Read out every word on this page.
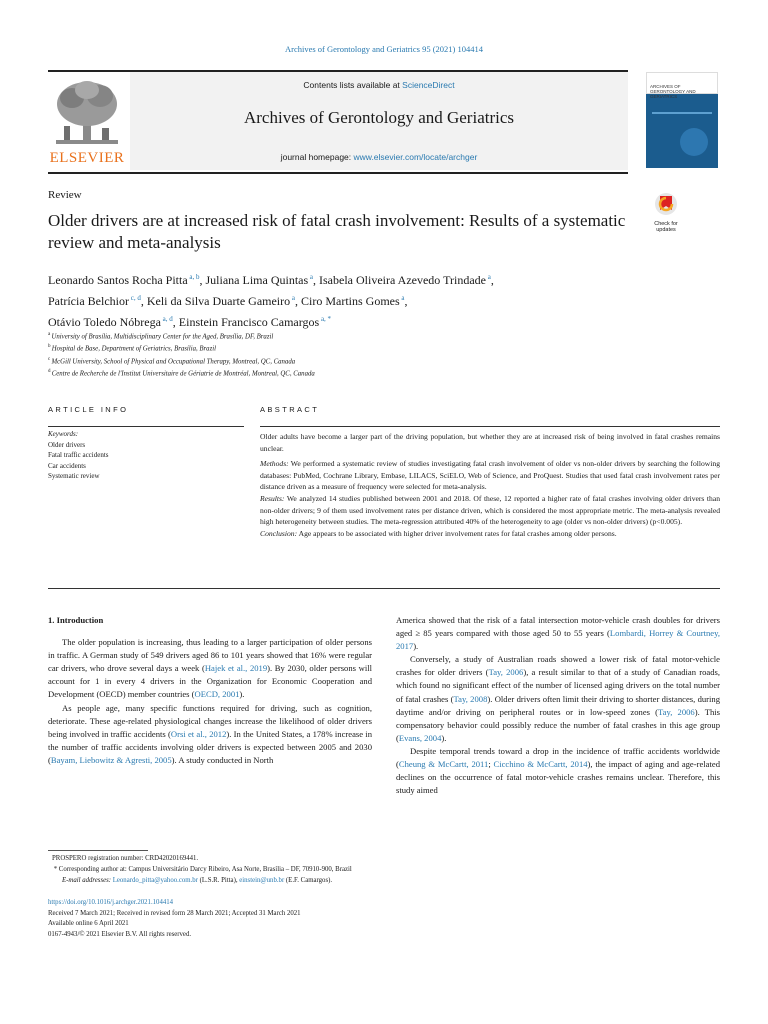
Archives of Gerontology and Geriatrics 95 (2021) 104414
ELSEVIER
Contents lists available at ScienceDirect
Archives of Gerontology and Geriatrics
journal homepage: www.elsevier.com/locate/archger
ARCHIVES OF GERONTOLOGY AND GERIATRICS
Review
Older drivers are at increased risk of fatal crash involvement: Results of a systematic review and meta-analysis
Check for updates
Leonardo Santos Rocha Pitta $^{a, b}$, Juliana Lima Quintas $^a$, Isabela Oliveira Azevedo Trindade $^a$,
Patrícia Belchior $^{c, d}$, Keli da Silva Duarte Gameiro $^a$, Ciro Martins Gomes $^a$,
Otávio Toledo Nóbrega $^{a, d}$, Einstein Francisco Camargos $^{a, *}$
$^a$ University of Brasília, Multidisciplinary Center for the Aged, Brasília, DF, Brazil
$^b$ Hospital de Base, Department of Geriatrics, Brasília, Brazil
$^c$ McGill University, School of Physical and Occupational Therapy, Montreal, QC, Canada
$^d$ Centre de Recherche de l'Institut Universitaire de Gériatrie de Montréal, Montreal, QC, Canada
ARTICLE INFO	ABSTRACT
Keywords:
Older drivers
Fatal traffic accidents
Car accidents
Systematic review
Older adults have become a larger part of the driving population, but whether they are at increased risk of being involved in fatal crashes remains unclear.
Methods: We performed a systematic review of studies investigating fatal crash involvement of older vs non-older drivers by searching the following databases: PubMed, Cochrane Library, Embase, LILACS, SciELO, Web of Science, and ProQuest. Studies that used fatal crash involvement rates per distance driven as a measure of frequency were selected for meta-analysis.
Results: We analyzed 14 studies published between 2001 and 2018. Of these, 12 reported a higher rate of fatal crashes involving older drivers than non-older drivers; 9 of them used involvement rates per distance driven, which is considered the most appropriate metric. The meta-analysis revealed high heterogeneity between studies. The meta-regression attributed 40% of the heterogeneity to age (older vs non-older drivers) (p<0.005).
Conclusion: Age appears to be associated with higher driver involvement rates for fatal crashes among older persons.
1. Introduction

The older population is increasing, thus leading to a larger participation of older persons in traffic. A German study of 549 drivers aged 86 to 101 years showed that 16% were regular car drivers, who drove several days a week (Hajek et al., 2019). By 2030, older persons will account for 1 in every 4 drivers in the Organization for Economic Cooperation and Development (OECD) member countries (OECD, 2001).

As people age, many specific functions required for driving, such as cognition, deteriorate. These age-related physiological changes increase the likelihood of older drivers being involved in traffic accidents (Orsi et al., 2012). In the United States, a 178% increase in the number of traffic accidents involving older drivers is expected between 2005 and 2030 (Bayam, Liebowitz & Agresti, 2005). A study conducted in North

America showed that the risk of a fatal intersection motor-vehicle crash doubles for drivers aged ≥ 85 years compared with those aged 50 to 55 years (Lombardi, Horrey & Courtney, 2017).

Conversely, a study of Australian roads showed a lower risk of fatal motor-vehicle crashes for older drivers (Tay, 2006), a result similar to that of a study of Canadian roads, which found no significant effect of the number of licensed aging drivers on the total number of fatal crashes (Tay, 2008). Older drivers often limit their driving to shorter distances, during daytime and/or driving on peripheral routes or in low-speed zones (Tay, 2006). This compensatory behavior could possibly reduce the number of fatal crashes in this age group (Evans, 2004).

Despite temporal trends toward a drop in the incidence of traffic accidents worldwide (Cheung & McCartt, 2011; Cicchino & McCartt, 2014), the impact of aging and age-related declines on the occurrence of fatal motor-vehicle crashes remains unclear. Therefore, this study aimed

PROSPERO registration number: CRD42020169441.
* Corresponding author at: Campus Universitário Darcy Ribeiro, Asa Norte, Brasília – DF, 70910-900, Brazil
E-mail addresses: Leonardo_pitta@yahoo.com.br (L.S.R. Pitta), einstein@unb.br (E.F. Camargos).
https://doi.org/10.1016/j.archger.2021.104414
Received 7 March 2021; Received in revised form 28 March 2021; Accepted 31 March 2021
Available online 6 April 2021
0167-4943/© 2021 Elsevier B.V. All rights reserved.
